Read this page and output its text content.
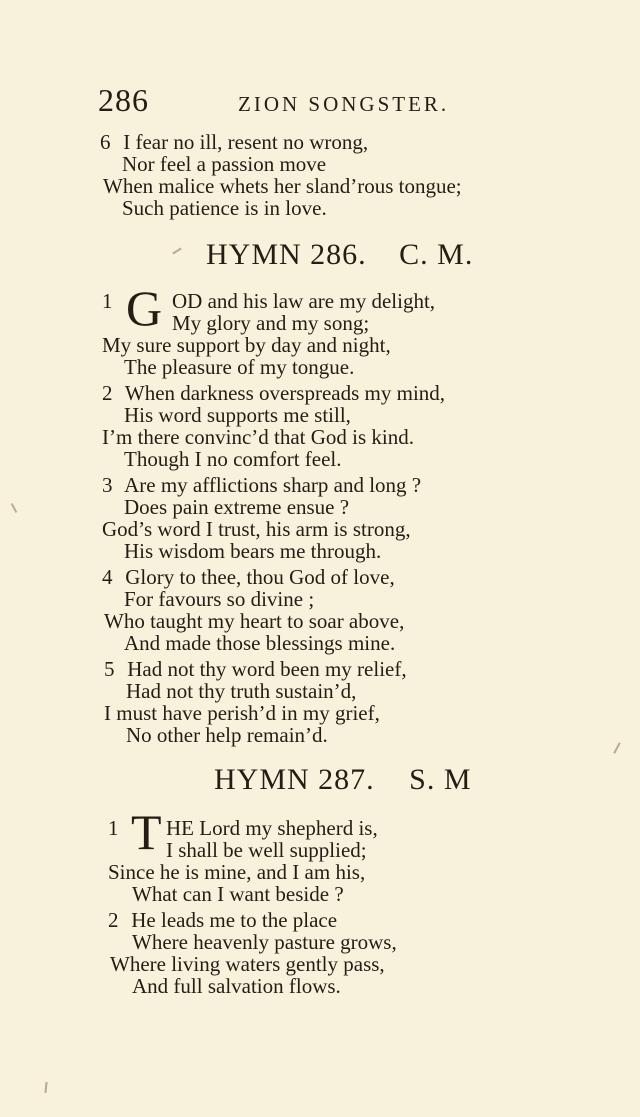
286	ZION SONGSTER.
6 I fear no ill, resent no wrong,
Nor feel a passion move
When malice whets her sland’rous tongue;
Such patience is in love.
HYMN 286. C. M.
1 G OD and his law are my delight,
My glory and my song;
My sure support by day and night,
The pleasure of my tongue.
2 When darkness overspreads my mind,
His word supports me still,
I’m there convinc’d that God is kind.
Though I no comfort feel.
3 Are my afflictions sharp and long ?
Does pain extreme ensue ?
God’s word I trust, his arm is strong,
His wisdom bears me through.
4 Glory to thee, thou God of love,
For favours so divine ;
Who taught my heart to soar above,
And made those blessings mine.
5 Had not thy word been my relief,
Had not thy truth sustain’d,
I must have perish’d in my grief,
No other help remain’d.
HYMN 287. S. M
1 T HE Lord my shepherd is,
I shall be well supplied;
Since he is mine, and I am his,
What can I want beside ?
2 He leads me to the place
Where heavenly pasture grows,
Where living waters gently pass,
And full salvation flows.
